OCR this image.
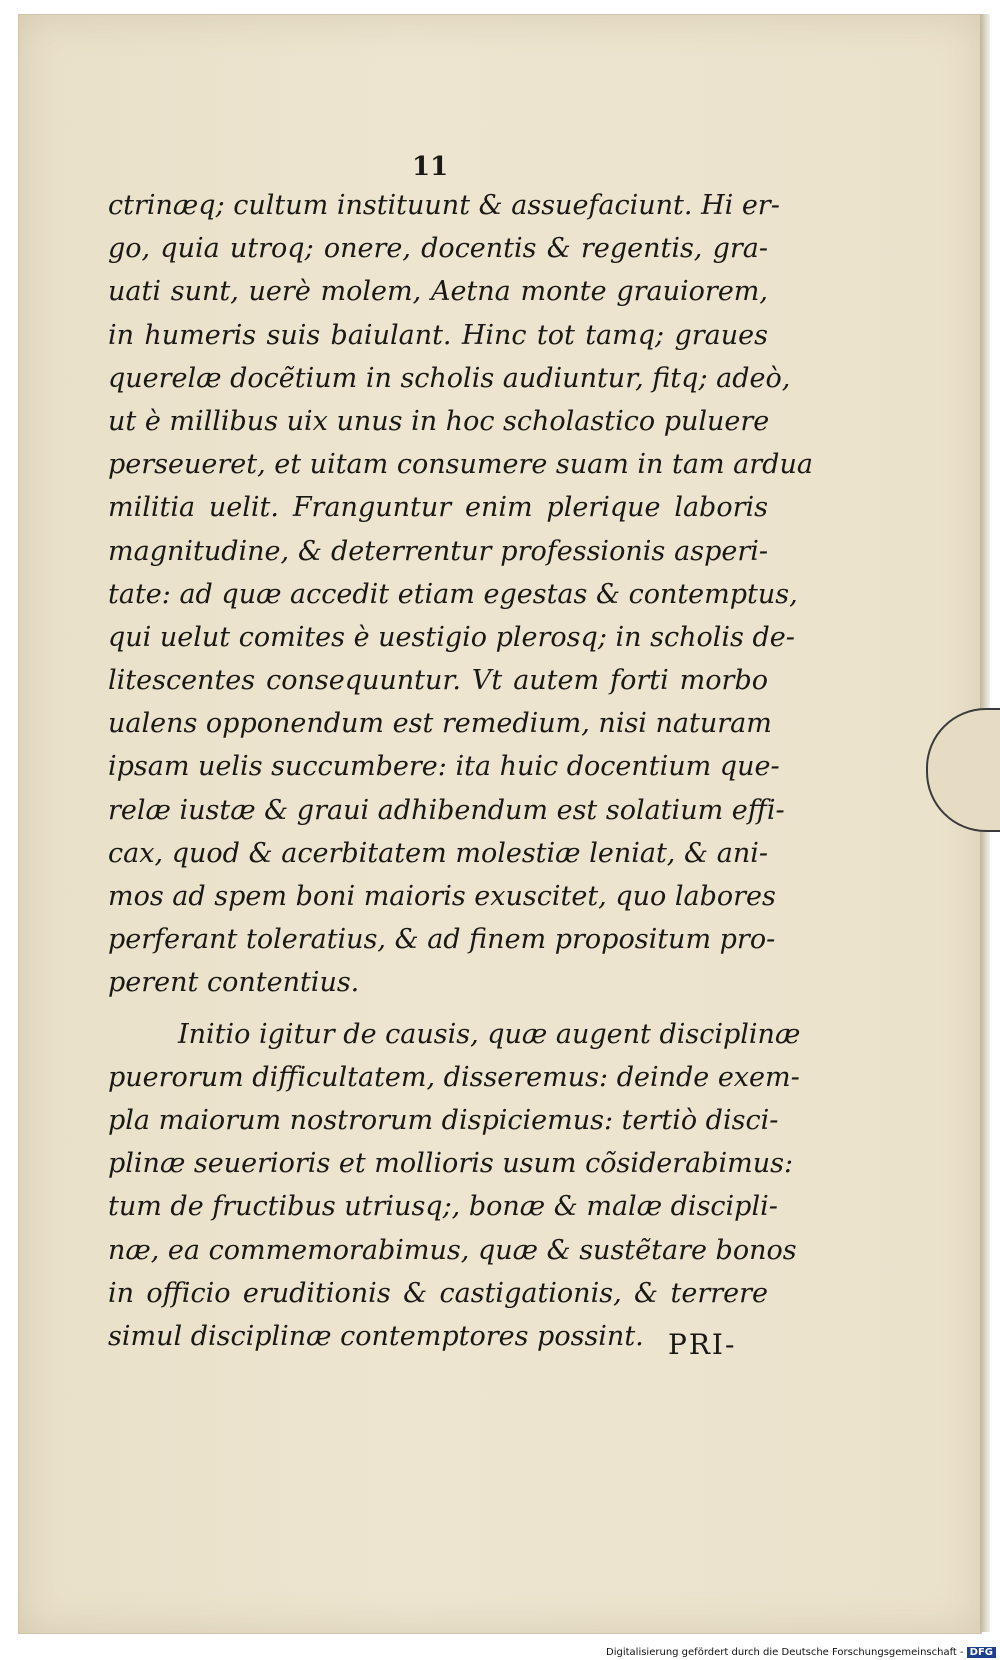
11
ctrinæq; cultum instituunt & assuefaciunt. Hi er-
go, quia utroq; onere, docentis & regentis, gra-
uati sunt, uerè molem, Aetna monte grauiorem,
in humeris suis baiulant. Hinc tot tamq; graues
querelæ docẽtium in scholis audiuntur, fitq; adeò,
ut è millibus uix unus in hoc scholastico puluere
perseueret, et uitam consumere suam in tam ardua
militia uelit. Franguntur enim plerique laboris
magnitudine, & deterrentur professionis asperi-
tate: ad quæ accedit etiam egestas & contemptus,
qui uelut comites è uestigio plerosq; in scholis de-
litescentes consequuntur. Vt autem forti morbo
ualens opponendum est remedium, nisi naturam
ipsam uelis succumbere: ita huic docentium que-
relæ iustæ & graui adhibendum est solatium effi-
cax, quod & acerbitatem molestiæ leniat, & ani-
mos ad spem boni maioris exuscitet, quo labores
perferant toleratius, & ad finem propositum pro-
perent contentius.
Initio igitur de causis, quæ augent disciplinæ
puerorum difficultatem, disseremus: deinde exem-
pla maiorum nostrorum dispiciemus: tertiò disci-
plinæ seuerioris et mollioris usum cõsiderabimus:
tum de fructibus utriusq;, bonæ & malæ discipli-
næ, ea commemorabimus, quæ & sustẽtare bonos
in officio eruditionis & castigationis, & terrere
simul disciplinæ contemptores possint. PRI-
Digitalisierung gefördert durch die Deutsche Forschungsgemeinschaft - DFG
